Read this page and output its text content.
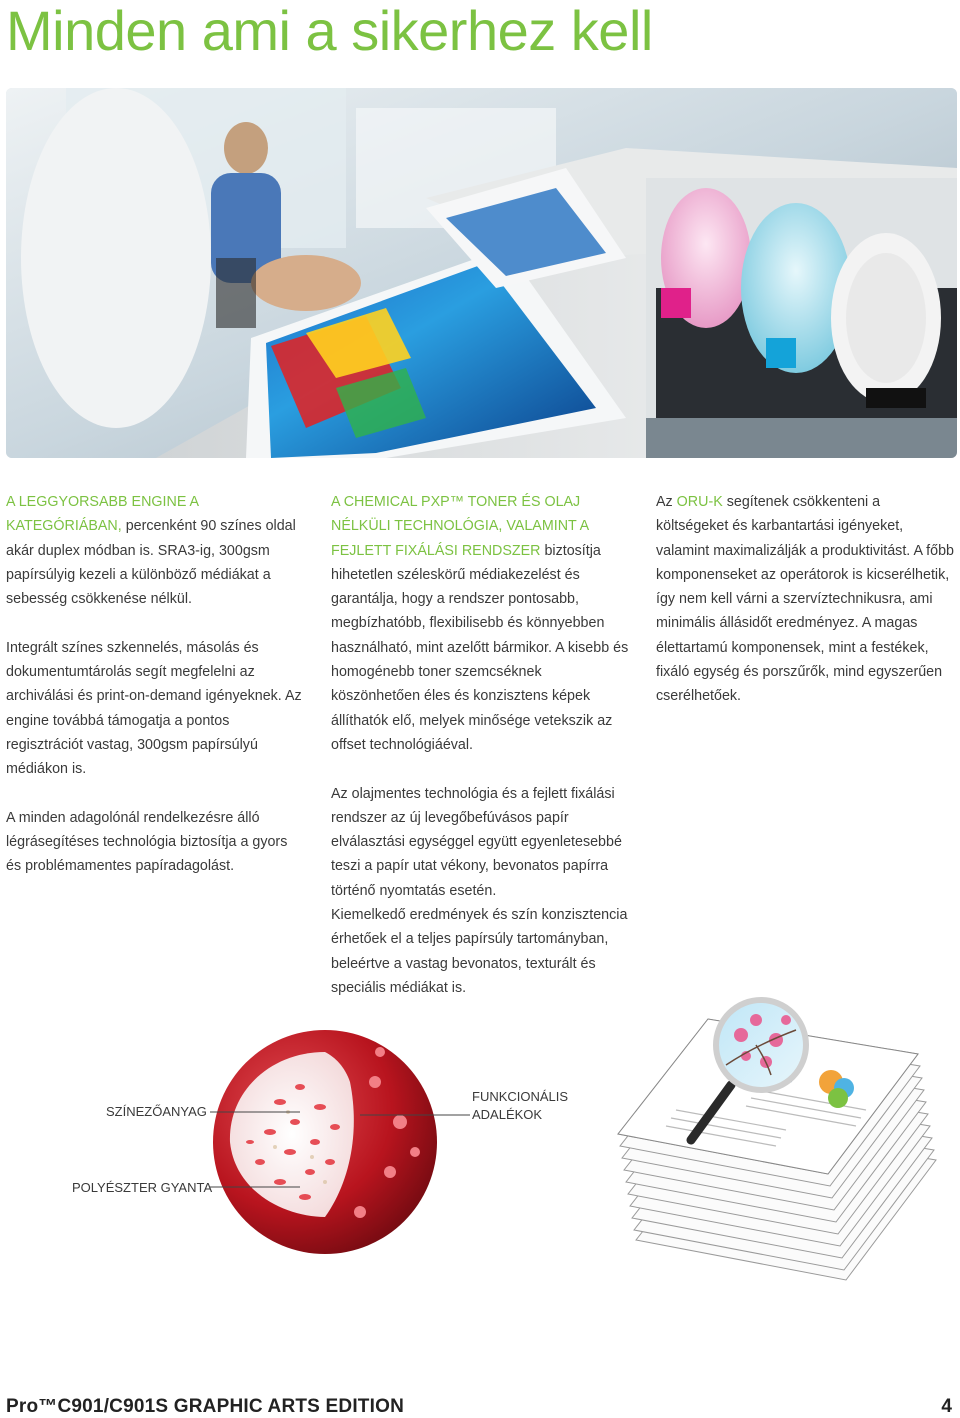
Minden ami a sikerhez kell

A LEGGYORSABB ENGINE A KATEGÓRIÁBAN, percenként 90 színes oldal akár duplex módban is. SRA3-ig, 300gsm papírsúlyig kezeli a különböző médiákat a sebesség csökkenése nélkül.

Integrált színes szkennelés, másolás és dokumentumtárolás segít megfelelni az archiválási és print-on-demand igényeknek. Az engine továbbá támogatja a pontos regisztrációt vastag, 300gsm papírsúlyú médiákon is.

A minden adagolónál rendelkezésre álló légrásegítéses technológia biztosítja a gyors és problémamentes papíradagolást.

A CHEMICAL PXP™ TONER ÉS OLAJ NÉLKÜLI TECHNOLÓGIA, VALAMINT A FEJLETT FIXÁLÁSI RENDSZER biztosítja hihetetlen széleskörű médiakezelést és garantálja, hogy a rendszer pontosabb, megbízhatóbb, flexibilisebb és könnyebben használható, mint azelőtt bármikor. A kisebb és homogénebb toner szemcséknek köszönhetően éles és konzisztens képek állíthatók elő, melyek minősége vetekszik az offset technológiáéval.

Az olajmentes technológia és a fejlett fixálási rendszer az új levegőbefúvásos papír elválasztási egységgel együtt egyenletesebbé teszi a papír utat vékony, bevonatos papírra történő nyomtatás esetén.

Kiemelkedő eredmények és szín konzisztencia érhetőek el a teljes papírsúly tartományban, beleértve a vastag bevonatos, texturált és speciális médiákat is.

Az ORU-K segítenek csökkenteni a költségeket és karbantartási igényeket, valamint maximalizálják a produktivitást. A főbb komponenseket az operátorok is kicserélhetik, így nem kell várni a szervíztechnikusra, ami minimális állásidőt eredményez. A magas élettartamú komponensek, mint a festékek, fixáló egység és porszűrők, mind egyszerűen cserélhetőek.

SZÍNEZŐANYAG
FUNKCIONÁLIS
ADALÉKOK
POLYÉSZTER GYANTA
Pro™C901/C901S GRAPHIC ARTS EDITION	4
